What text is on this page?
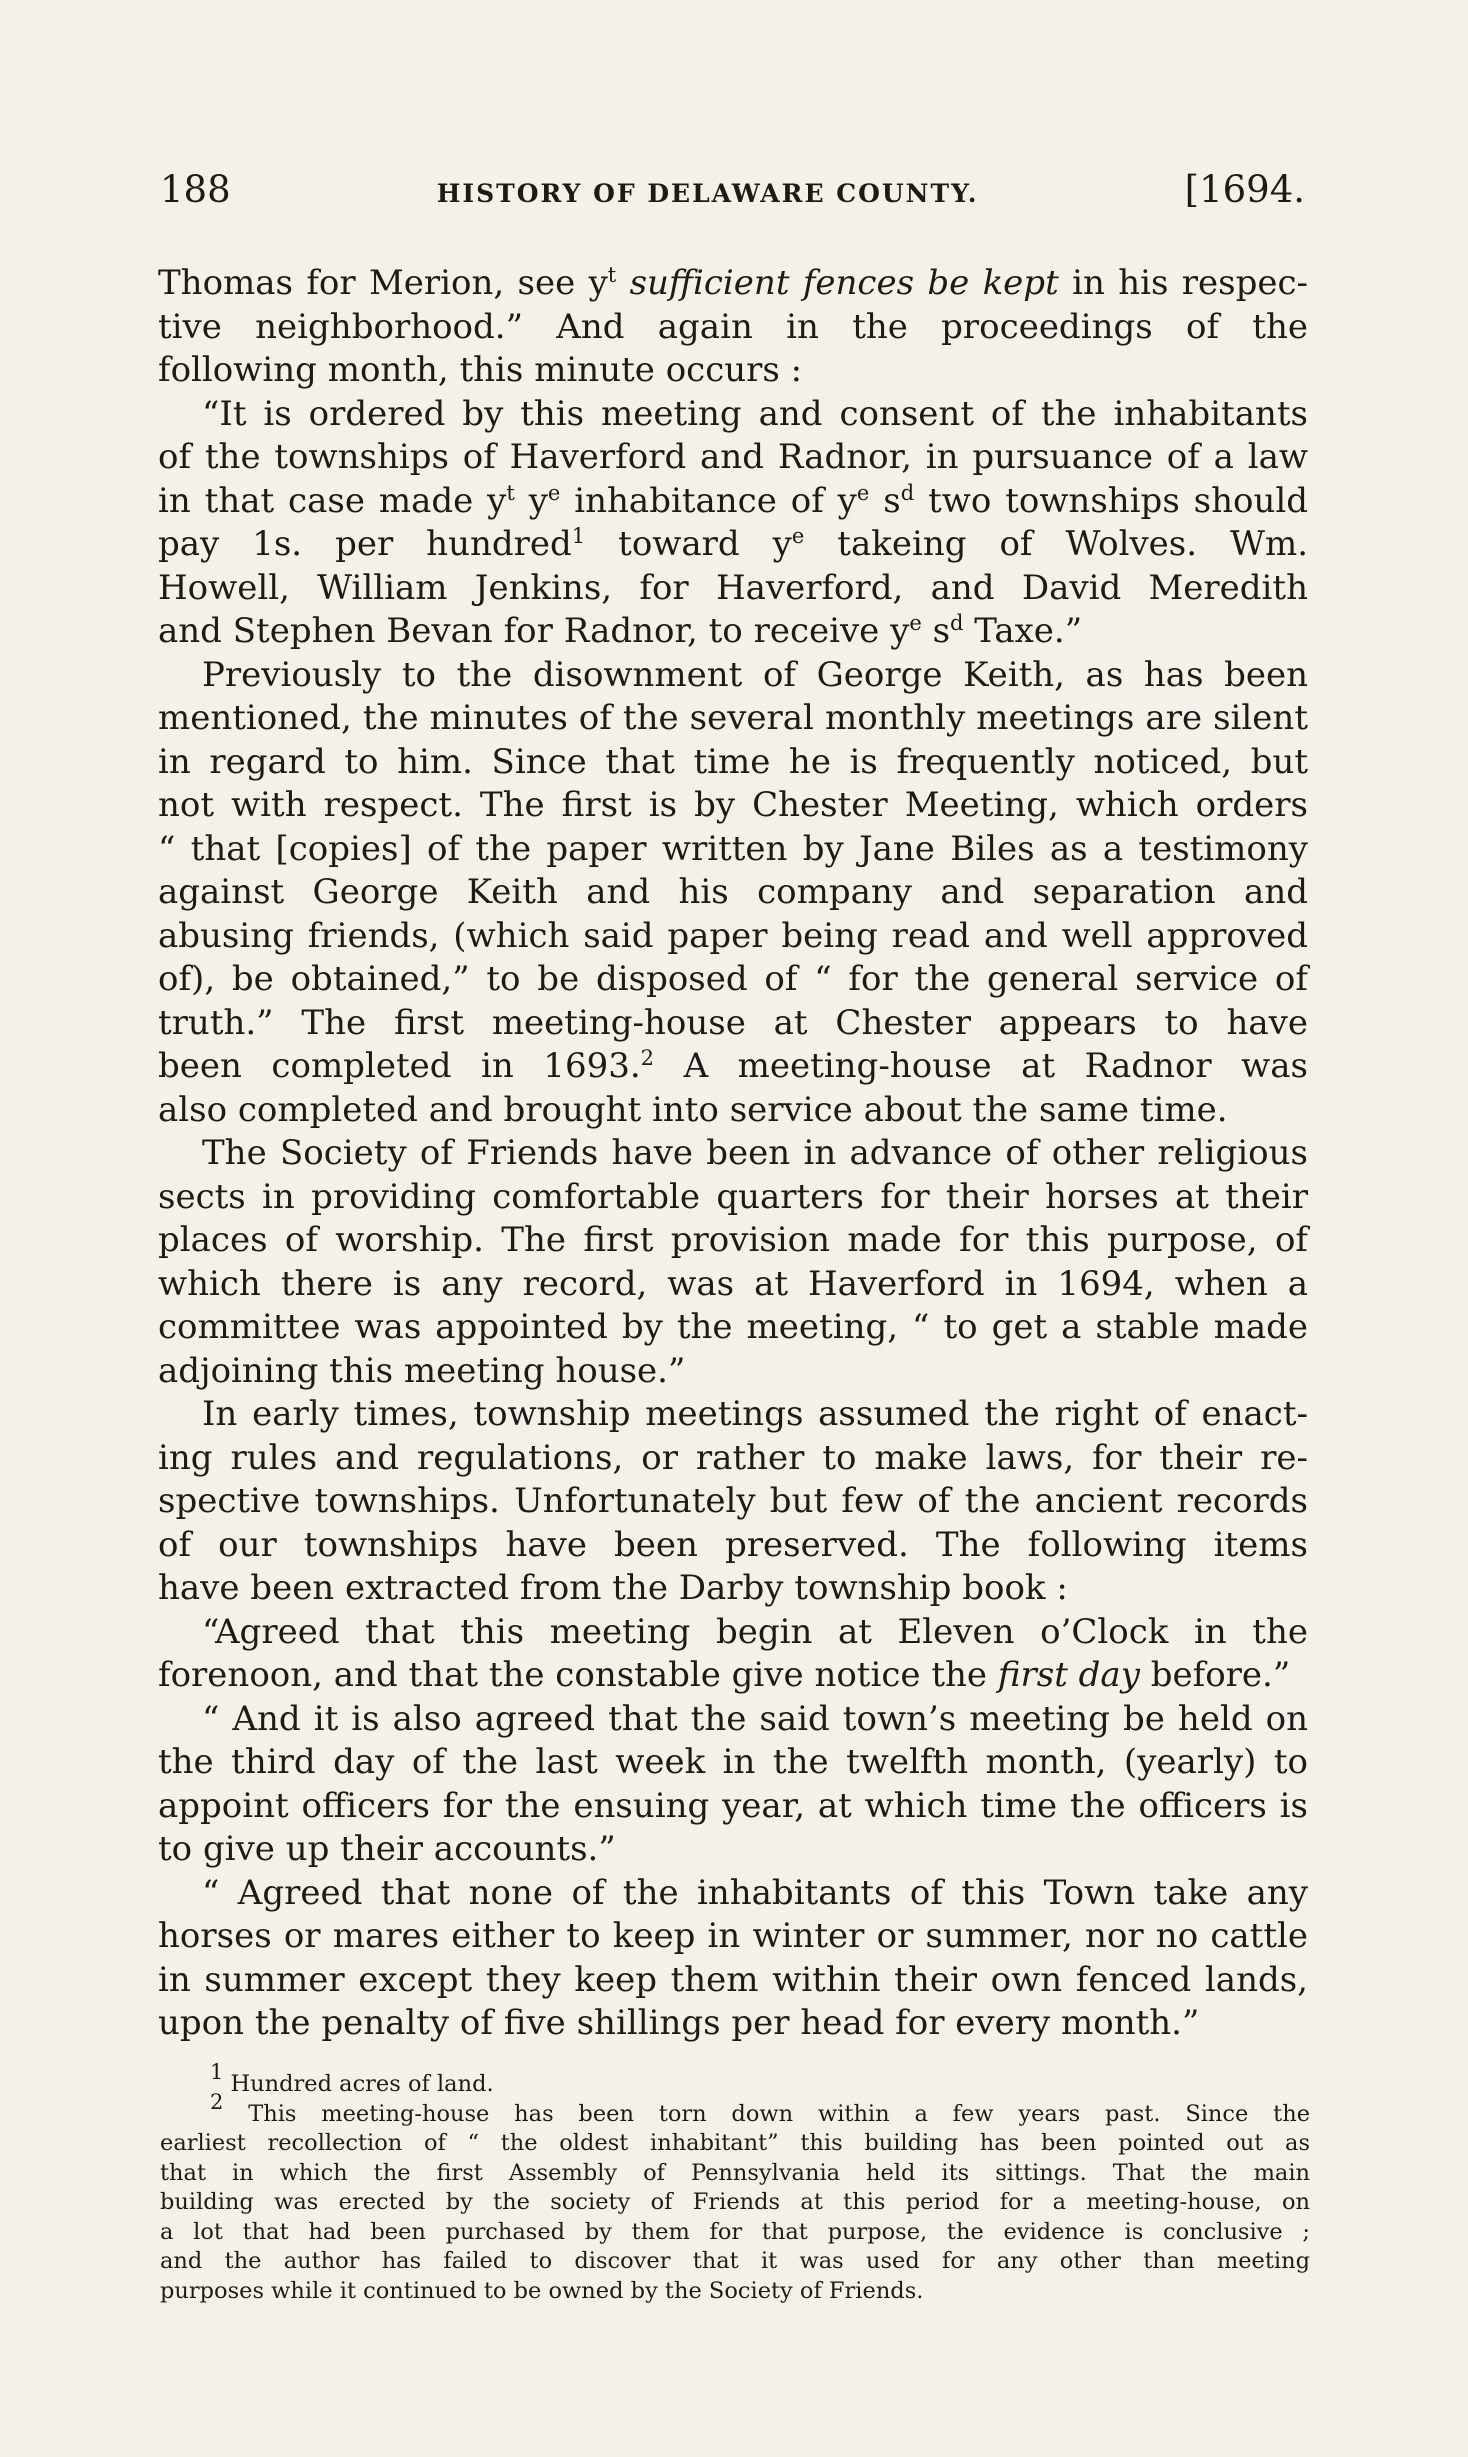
188	HISTORY OF DELAWARE COUNTY.	[1694.
Thomas for Merion, see $y^t$ sufficient fences be kept in his respec-
tive neighborhood.” And again in the proceedings of the
following month, this minute occurs :
“It is ordered by this meeting and consent of the inhabitants
of the townships of Haverford and Radnor, in pursuance of a law
in that case made $y^t$ $y^e$ inhabitance of $y^e$ $s^d$ two townships should
pay 1s. per hundred$^1$ toward $y^e$ takeing of Wolves. Wm.
Howell, William Jenkins, for Haverford, and David Meredith
and Stephen Bevan for Radnor, to receive $y^e$ $s^d$ Taxe.”
Previously to the disownment of George Keith, as has been
mentioned, the minutes of the several monthly meetings are silent
in regard to him. Since that time he is frequently noticed, but
not with respect. The first is by Chester Meeting, which orders
“ that [copies] of the paper written by Jane Biles as a testimony
against George Keith and his company and separation and
abusing friends, (which said paper being read and well approved
of), be obtained,” to be disposed of “ for the general service of
truth.” The first meeting-house at Chester appears to have
been completed in 1693.$^2$ A meeting-house at Radnor was
also completed and brought into service about the same time.
The Society of Friends have been in advance of other religious
sects in providing comfortable quarters for their horses at their
places of worship. The first provision made for this purpose, of
which there is any record, was at Haverford in 1694, when a
committee was appointed by the meeting, “ to get a stable made
adjoining this meeting house.”
In early times, township meetings assumed the right of enact-
ing rules and regulations, or rather to make laws, for their re-
spective townships. Unfortunately but few of the ancient records
of our townships have been preserved. The following items
have been extracted from the Darby township book :
“Agreed that this meeting begin at Eleven o’Clock in the
forenoon, and that the constable give notice the first day before.”
“ And it is also agreed that the said town’s meeting be held on
the third day of the last week in the twelfth month, (yearly) to
appoint officers for the ensuing year, at which time the officers is
to give up their accounts.”
“ Agreed that none of the inhabitants of this Town take any
horses or mares either to keep in winter or summer, nor no cattle
in summer except they keep them within their own fenced lands,
upon the penalty of five shillings per head for every month.”
$^1$ Hundred acres of land.
$^2$ This meeting-house has been torn down within a few years past. Since the
earliest recollection of “ the oldest inhabitant” this building has been pointed out as
that in which the first Assembly of Pennsylvania held its sittings. That the main
building was erected by the society of Friends at this period for a meeting-house, on
a lot that had been purchased by them for that purpose, the evidence is conclusive ;
and the author has failed to discover that it was used for any other than meeting
purposes while it continued to be owned by the Society of Friends.
